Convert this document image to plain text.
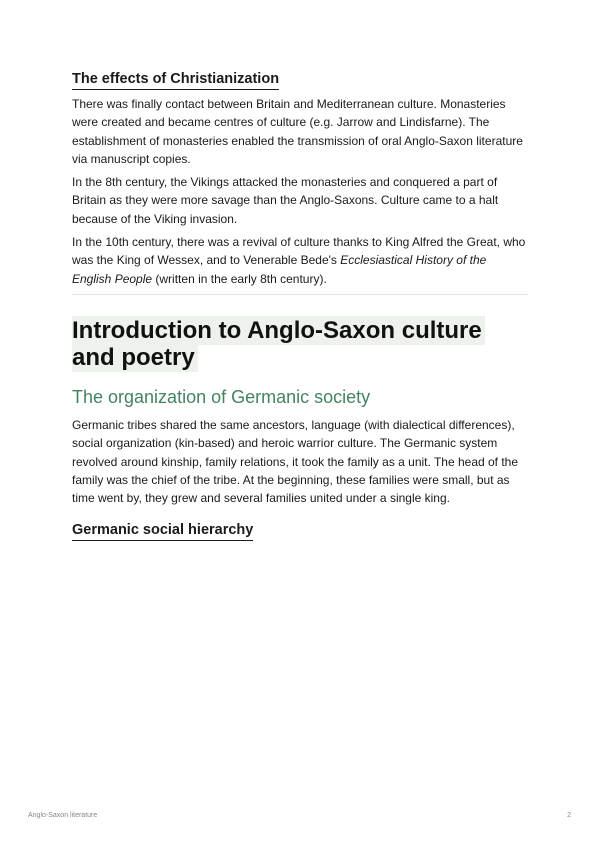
The effects of Christianization

There was finally contact between Britain and Mediterranean culture. Monasteries were created and became centres of culture (e.g. Jarrow and Lindisfarne). The establishment of monasteries enabled the transmission of oral Anglo-Saxon literature via manuscript copies.

In the 8th century, the Vikings attacked the monasteries and conquered a part of Britain as they were more savage than the Anglo-Saxons. Culture came to a halt because of the Viking invasion.

In the 10th century, there was a revival of culture thanks to King Alfred the Great, who was the King of Wessex, and to Venerable Bede's Ecclesiastical History of the English People (written in the early 8th century).

Introduction to Anglo-Saxon culture and poetry
The organization of Germanic society

Germanic tribes shared the same ancestors, language (with dialectical differences), social organization (kin-based) and heroic warrior culture. The Germanic system revolved around kinship, family relations, it took the family as a unit. The head of the family was the chief of the tribe. At the beginning, these families were small, but as time went by, they grew and several families united under a single king.

Germanic social hierarchy
Anglo-Saxon literature	2
